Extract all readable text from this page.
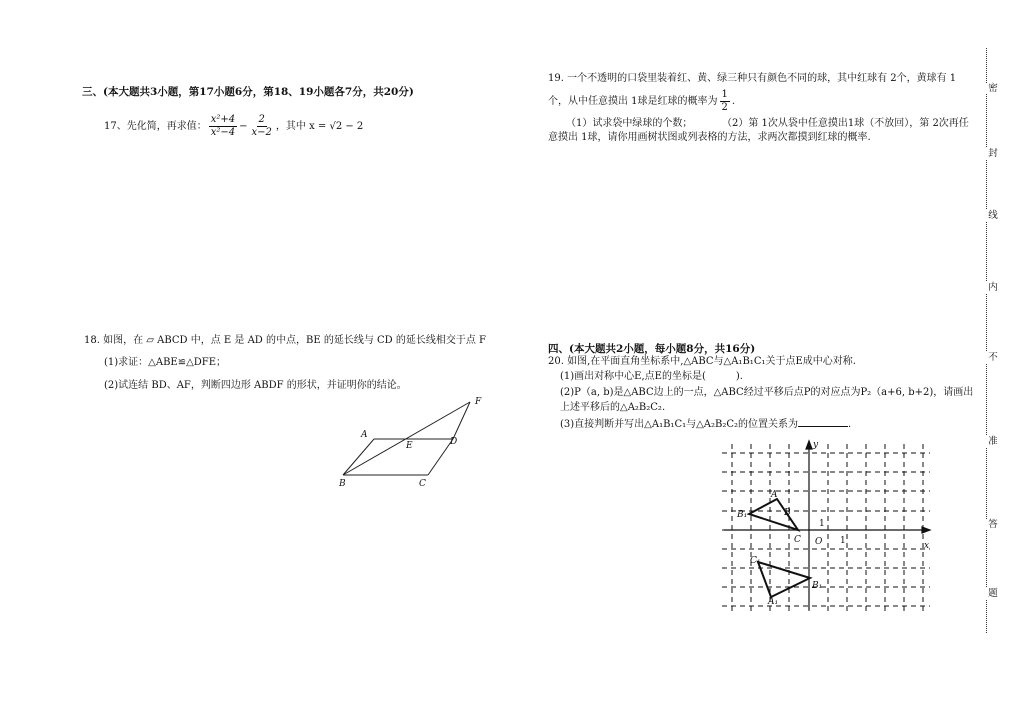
三、(本大题共3小题，第17小题6分，第18、19小题各7分，共20分)
17、先化简，再求值： $\frac{\text{x²+4}}{\text{x²−4}} - \frac{2}{x-2}$ ，其中 x = √2 − 2
18. 如图，在 ▱ ABCD 中，点 E 是 AD 的中点，BE 的延长线与 CD 的延长线相交于点 F
(1)求证：△ABE≌△DFE；
(2)试连结 BD、AF，判断四边形 ABDF 的形状，并证明你的结论。
A
E	D
F
B	C
19. 一个不透明的口袋里装着红、黄、绿三种只有颜色不同的球，其中红球有 2个，黄球有 1
个，从中任意摸出 1球是红球的概率为 $\frac{1}{2}$ .
（1）试求袋中绿球的个数；	（2）第 1次从袋中任意摸出1球（不放回），第 2次再任
意摸出 1球，请你用画树状图或列表格的方法，求两次都摸到红球的概率.
四、(本大题共2小题，每小题8分，共16分)
20. 如图,在平面直角坐标系中,△ABC与△A₁B₁C₁关于点E成中心对称.
(1)画出对称中心E,点E的坐标是(　　　).
(2)P（a, b)是△ABC边上的一点，△ABC经过平移后点P的对应点为P₂（a+6, b+2)，请画出
上述平移后的△A₂B₂C₂.
(3)直接判断并写出△A₁B₁C₁与△A₂B₂C₂的位置关系为	.
y
x
O 1
1
A
B
C
B₁
C₁
B₁
A₁
密
封
线
内
不
准
答
题
